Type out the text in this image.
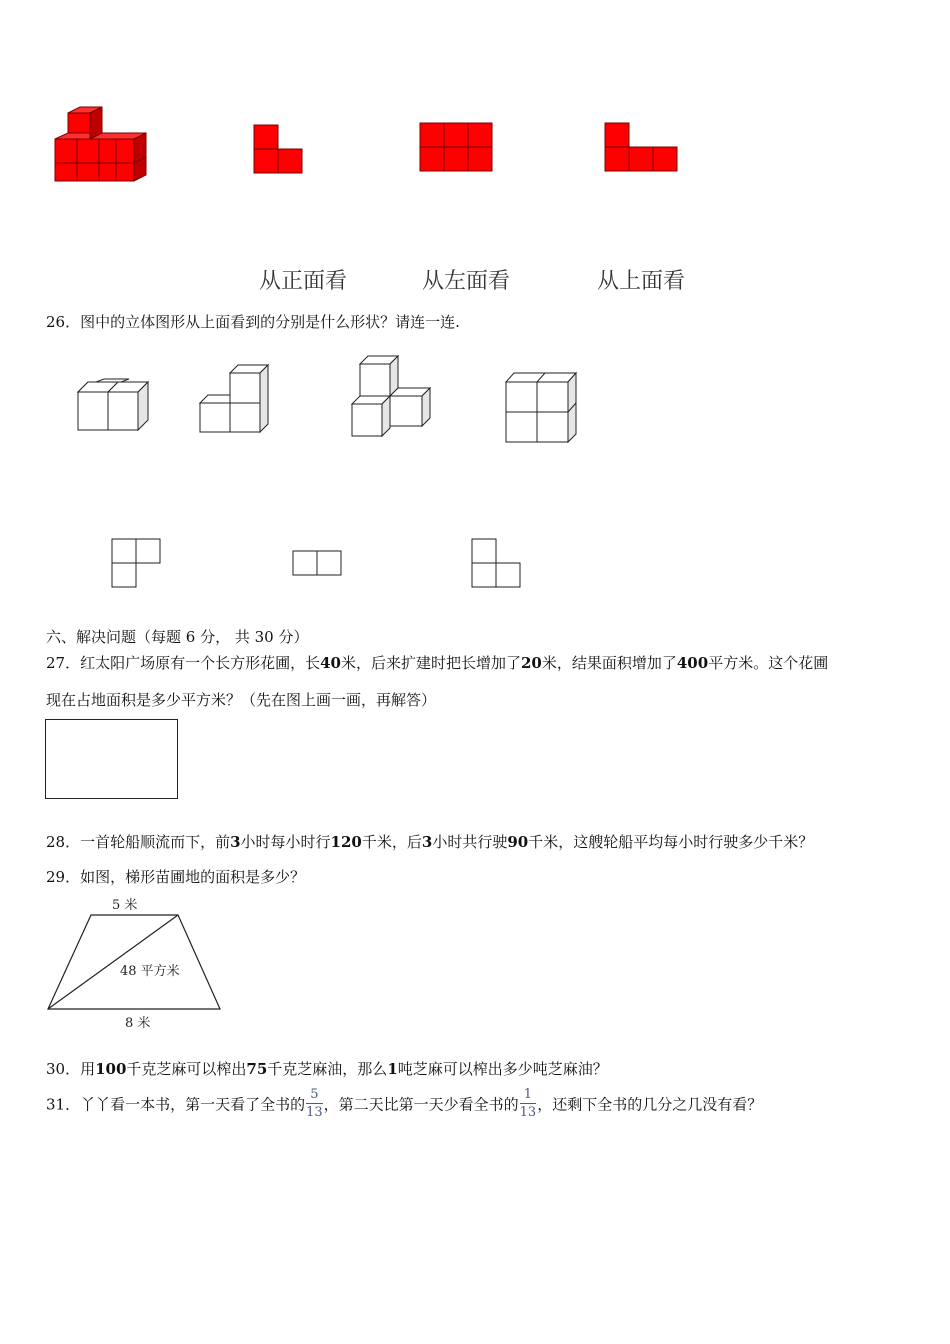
从正面看	从左面看	从上面看
26．图中的立体图形从上面看到的分别是什么形状？请连一连.
六、解决问题（每题 6 分， 共 30 分）
27．红太阳广场原有一个长方形花圃，长40米，后来扩建时把长增加了20米，结果面积增加了400平方米。这个花圃
现在占地面积是多少平方米？（先在图上画一画，再解答）
28．一首轮船顺流而下，前3小时每小时行120千米，后3小时共行驶90千米，这艘轮船平均每小时行驶多少千米？
29．如图，梯形苗圃地的面积是多少？
5 米
48 平方米
8 米
30．用100千克芝麻可以榨出75千克芝麻油，那么1吨芝麻可以榨出多少吨芝麻油？
31．丫丫看一本书，第一天看了全书的 $\frac{5}{13}$ ，第二天比第一天少看全书的 $\frac{1}{13}$ ，还剩下全书的几分之几没有看？
